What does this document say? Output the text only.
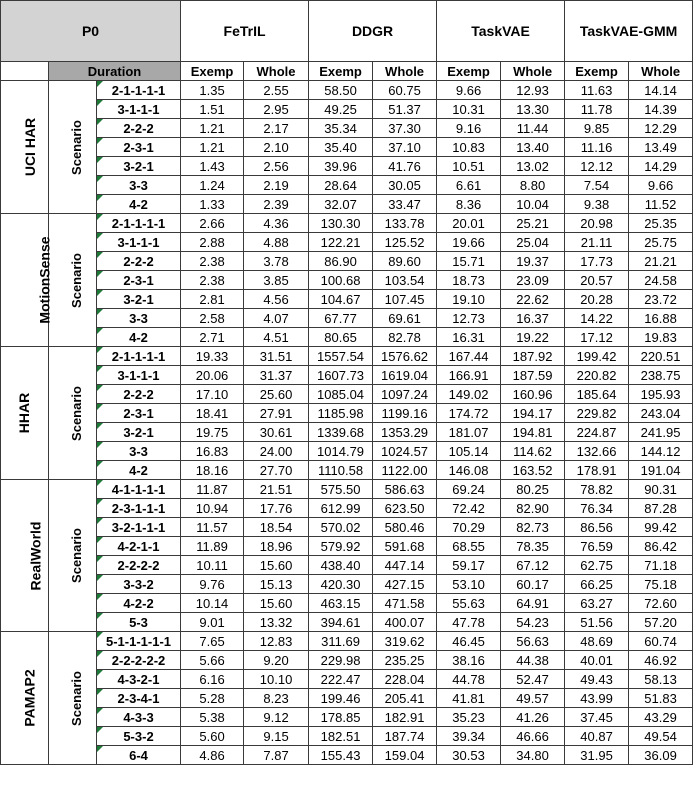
P0			FeTrIL		DDGR		TaskVAE		TaskVAE-GMM	
	Duration		Exemp	Whole	Exemp	Whole	Exemp	Whole	Exemp	Whole
UCI HAR	Scenario	2-1-1-1-1	1.35	2.55	58.50	60.75	9.66	12.93	11.63	14.14
		3-1-1-1	1.51	2.95	49.25	51.37	10.31	13.30	11.78	14.39
		2-2-2	1.21	2.17	35.34	37.30	9.16	11.44	9.85	12.29
		2-3-1	1.21	2.10	35.40	37.10	10.83	13.40	11.16	13.49
		3-2-1	1.43	2.56	39.96	41.76	10.51	13.02	12.12	14.29
		3-3	1.24	2.19	28.64	30.05	6.61	8.80	7.54	9.66
		4-2	1.33	2.39	32.07	33.47	8.36	10.04	9.38	11.52
MotionSense	Scenario	2-1-1-1-1	2.66	4.36	130.30	133.78	20.01	25.21	20.98	25.35
		3-1-1-1	2.88	4.88	122.21	125.52	19.66	25.04	21.11	25.75
		2-2-2	2.38	3.78	86.90	89.60	15.71	19.37	17.73	21.21
		2-3-1	2.38	3.85	100.68	103.54	18.73	23.09	20.57	24.58
		3-2-1	2.81	4.56	104.67	107.45	19.10	22.62	20.28	23.72
		3-3	2.58	4.07	67.77	69.61	12.73	16.37	14.22	16.88
		4-2	2.71	4.51	80.65	82.78	16.31	19.22	17.12	19.83
HHAR	Scenario	2-1-1-1-1	19.33	31.51	1557.54	1576.62	167.44	187.92	199.42	220.51
		3-1-1-1	20.06	31.37	1607.73	1619.04	166.91	187.59	220.82	238.75
		2-2-2	17.10	25.60	1085.04	1097.24	149.02	160.96	185.64	195.93
		2-3-1	18.41	27.91	1185.98	1199.16	174.72	194.17	229.82	243.04
		3-2-1	19.75	30.61	1339.68	1353.29	181.07	194.81	224.87	241.95
		3-3	16.83	24.00	1014.79	1024.57	105.14	114.62	132.66	144.12
		4-2	18.16	27.70	1110.58	1122.00	146.08	163.52	178.91	191.04
RealWorld	Scenario	4-1-1-1-1	11.87	21.51	575.50	586.63	69.24	80.25	78.82	90.31
		2-3-1-1-1	10.94	17.76	612.99	623.50	72.42	82.90	76.34	87.28
		3-2-1-1-1	11.57	18.54	570.02	580.46	70.29	82.73	86.56	99.42
		4-2-1-1	11.89	18.96	579.92	591.68	68.55	78.35	76.59	86.42
		2-2-2-2	10.11	15.60	438.40	447.14	59.17	67.12	62.75	71.18
		3-3-2	9.76	15.13	420.30	427.15	53.10	60.17	66.25	75.18
		4-2-2	10.14	15.60	463.15	471.58	55.63	64.91	63.27	72.60
		5-3	9.01	13.32	394.61	400.07	47.78	54.23	51.56	57.20
PAMAP2	Scenario	5-1-1-1-1-1	7.65	12.83	311.69	319.62	46.45	56.63	48.69	60.74
		2-2-2-2-2	5.66	9.20	229.98	235.25	38.16	44.38	40.01	46.92
		4-3-2-1	6.16	10.10	222.47	228.04	44.78	52.47	49.43	58.13
		2-3-4-1	5.28	8.23	199.46	205.41	41.81	49.57	43.99	51.83
		4-3-3	5.38	9.12	178.85	182.91	35.23	41.26	37.45	43.29
		5-3-2	5.60	9.15	182.51	187.74	39.34	46.66	40.87	49.54
		6-4	4.86	7.87	155.43	159.04	30.53	34.80	31.95	36.09
